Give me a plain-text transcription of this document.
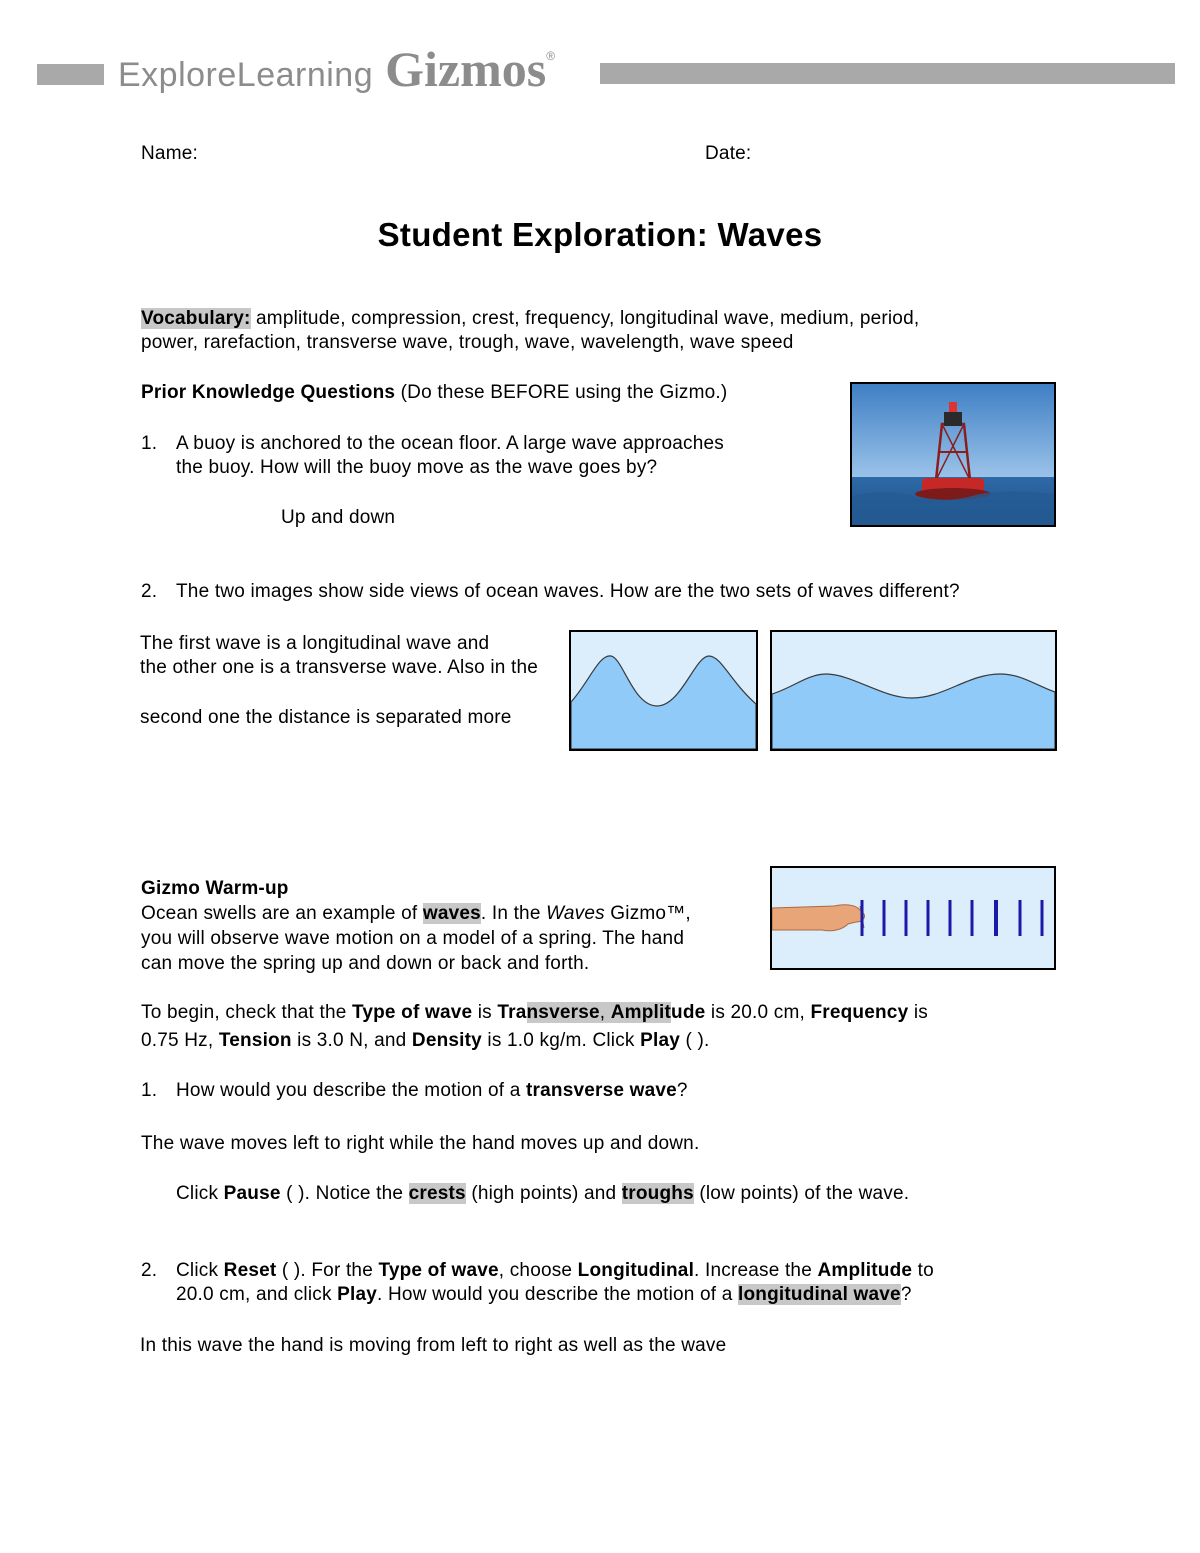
Explore Learning Gizmos ®
Name:	Date:
Student Exploration: Waves
Vocabulary: amplitude, compression, crest, frequency, longitudinal wave, medium, period,
power, rarefaction, transverse wave, trough, wave, wavelength, wave speed
Prior Knowledge Questions (Do these BEFORE using the Gizmo.)
1. A buoy is anchored to the ocean floor. A large wave approaches
the buoy. How will the buoy move as the wave goes by?
Up and down
2. The two images show side views of ocean waves. How are the two sets of waves different?
The first wave is a longitudinal wave and
the other one is a transverse wave. Also in the
second one the distance is separated more
Gizmo Warm-up
Ocean swells are an example of waves. In the Waves Gizmo™,
you will observe wave motion on a model of a spring. The hand
can move the spring up and down or back and forth.
To begin, check that the Type of wave is Transverse, Amplitude is 20.0 cm, Frequency is
0.75 Hz, Tension is 3.0 N, and Density is 1.0 kg/m. Click Play ( ).
1. How would you describe the motion of a transverse wave?
The wave moves left to right while the hand moves up and down.
Click Pause ( ). Notice the crests (high points) and troughs (low points) of the wave.
2. Click Reset ( ). For the Type of wave, choose Longitudinal. Increase the Amplitude to
20.0 cm, and click Play. How would you describe the motion of a longitudinal wave?
In this wave the hand is moving from left to right as well as the wave
